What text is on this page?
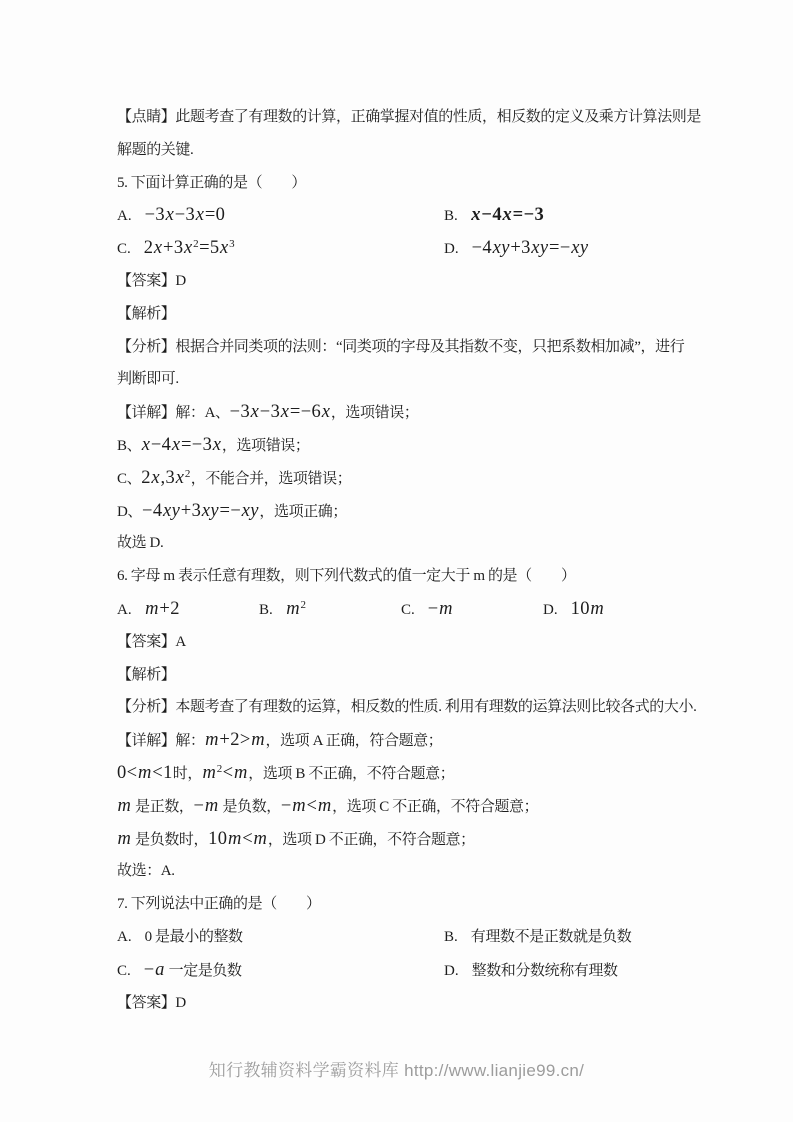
【点睛】此题考查了有理数的计算，正确掌握对值的性质，相反数的定义及乘方计算法则是
解题的关键.
5. 下面计算正确的是（　　）
A. −3x−3x=0	B. x−4x=−3
C. $2x+3x^2=5x^3$	D. −4xy+3xy=−xy
【答案】D
【解析】
【分析】根据合并同类项的法则：“同类项的字母及其指数不变，只把系数相加减”，进行
判断即可.
【详解】解：A、−3x−3x=−6x，选项错误；
B、x−4x=−3x，选项错误；
C、$2x,3x^2$，不能合并，选项错误；
D、−4xy+3xy=−xy，选项正确；
故选 D.
6. 字母 m 表示任意有理数，则下列代数式的值一定大于 m 的是（　　）
A. m+2	B. $m^2$	C. −m	D. 10m
【答案】A
【解析】
【分析】本题考查了有理数的运算，相反数的性质. 利用有理数的运算法则比较各式的大小.
【详解】解：m+2>m，选项 A 正确，符合题意；
0<m<1时，$m^2<m$，选项 B 不正确，不符合题意；
m 是正数，−m 是负数，−m<m，选项 C 不正确，不符合题意；
m 是负数时，10m<m，选项 D 不正确，不符合题意；
故选：A.
7. 下列说法中正确的是（　　）
A. 0 是最小的整数	B. 有理数不是正数就是负数
C. −a 一定是负数	D. 整数和分数统称有理数
【答案】D
知行教辅资料学霸资料库 http://www.lianjie99.cn/
